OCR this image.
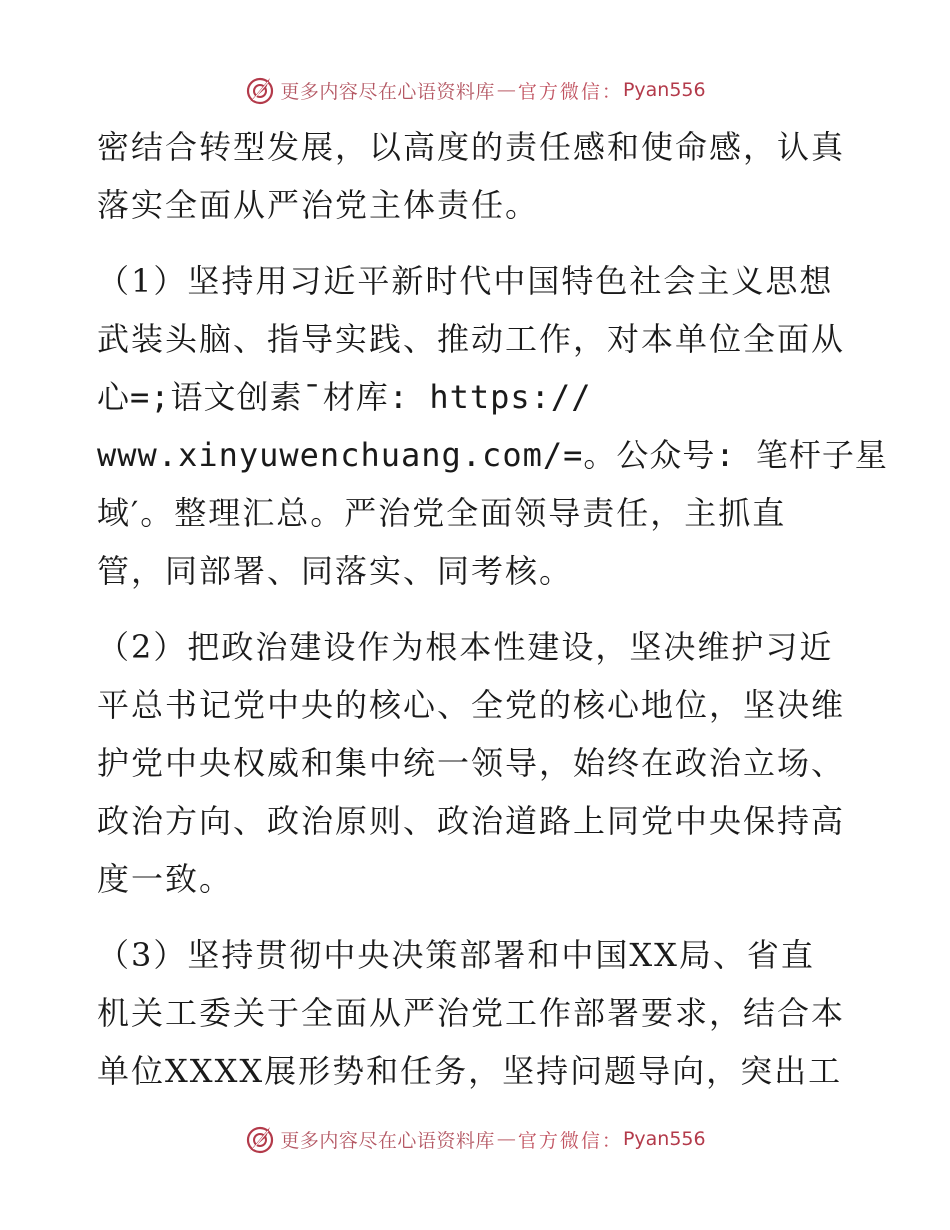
更多内容尽在心语资料库 — 官方微信： Pyan556

密结合转型发展，以高度的责任感和使命感，认真

落实全面从严治党主体责任。

（1）坚持用习近平新时代中国特色社会主义思想

武装头脑、指导实践、推动工作，对本单位全面从

心=;语文创素¯材库: https://

www.xinyuwenchuang.com/=。公众号: 笔杆子星

域′。整理汇总。严治党全面领导责任，主抓直

管，同部署、同落实、同考核。

（2）把政治建设作为根本性建设，坚决维护习近

平总书记党中央的核心、全党的核心地位，坚决维

护党中央权威和集中统一领导，始终在政治立场、

政治方向、政治原则、政治道路上同党中央保持高

度一致。

（3）坚持贯彻中央决策部署和中国XX局、省直

机关工委关于全面从严治党工作部署要求，结合本

单位XXXX展形势和任务，坚持问题导向，突出工

更多内容尽在心语资料库 — 官方微信： Pyan556
